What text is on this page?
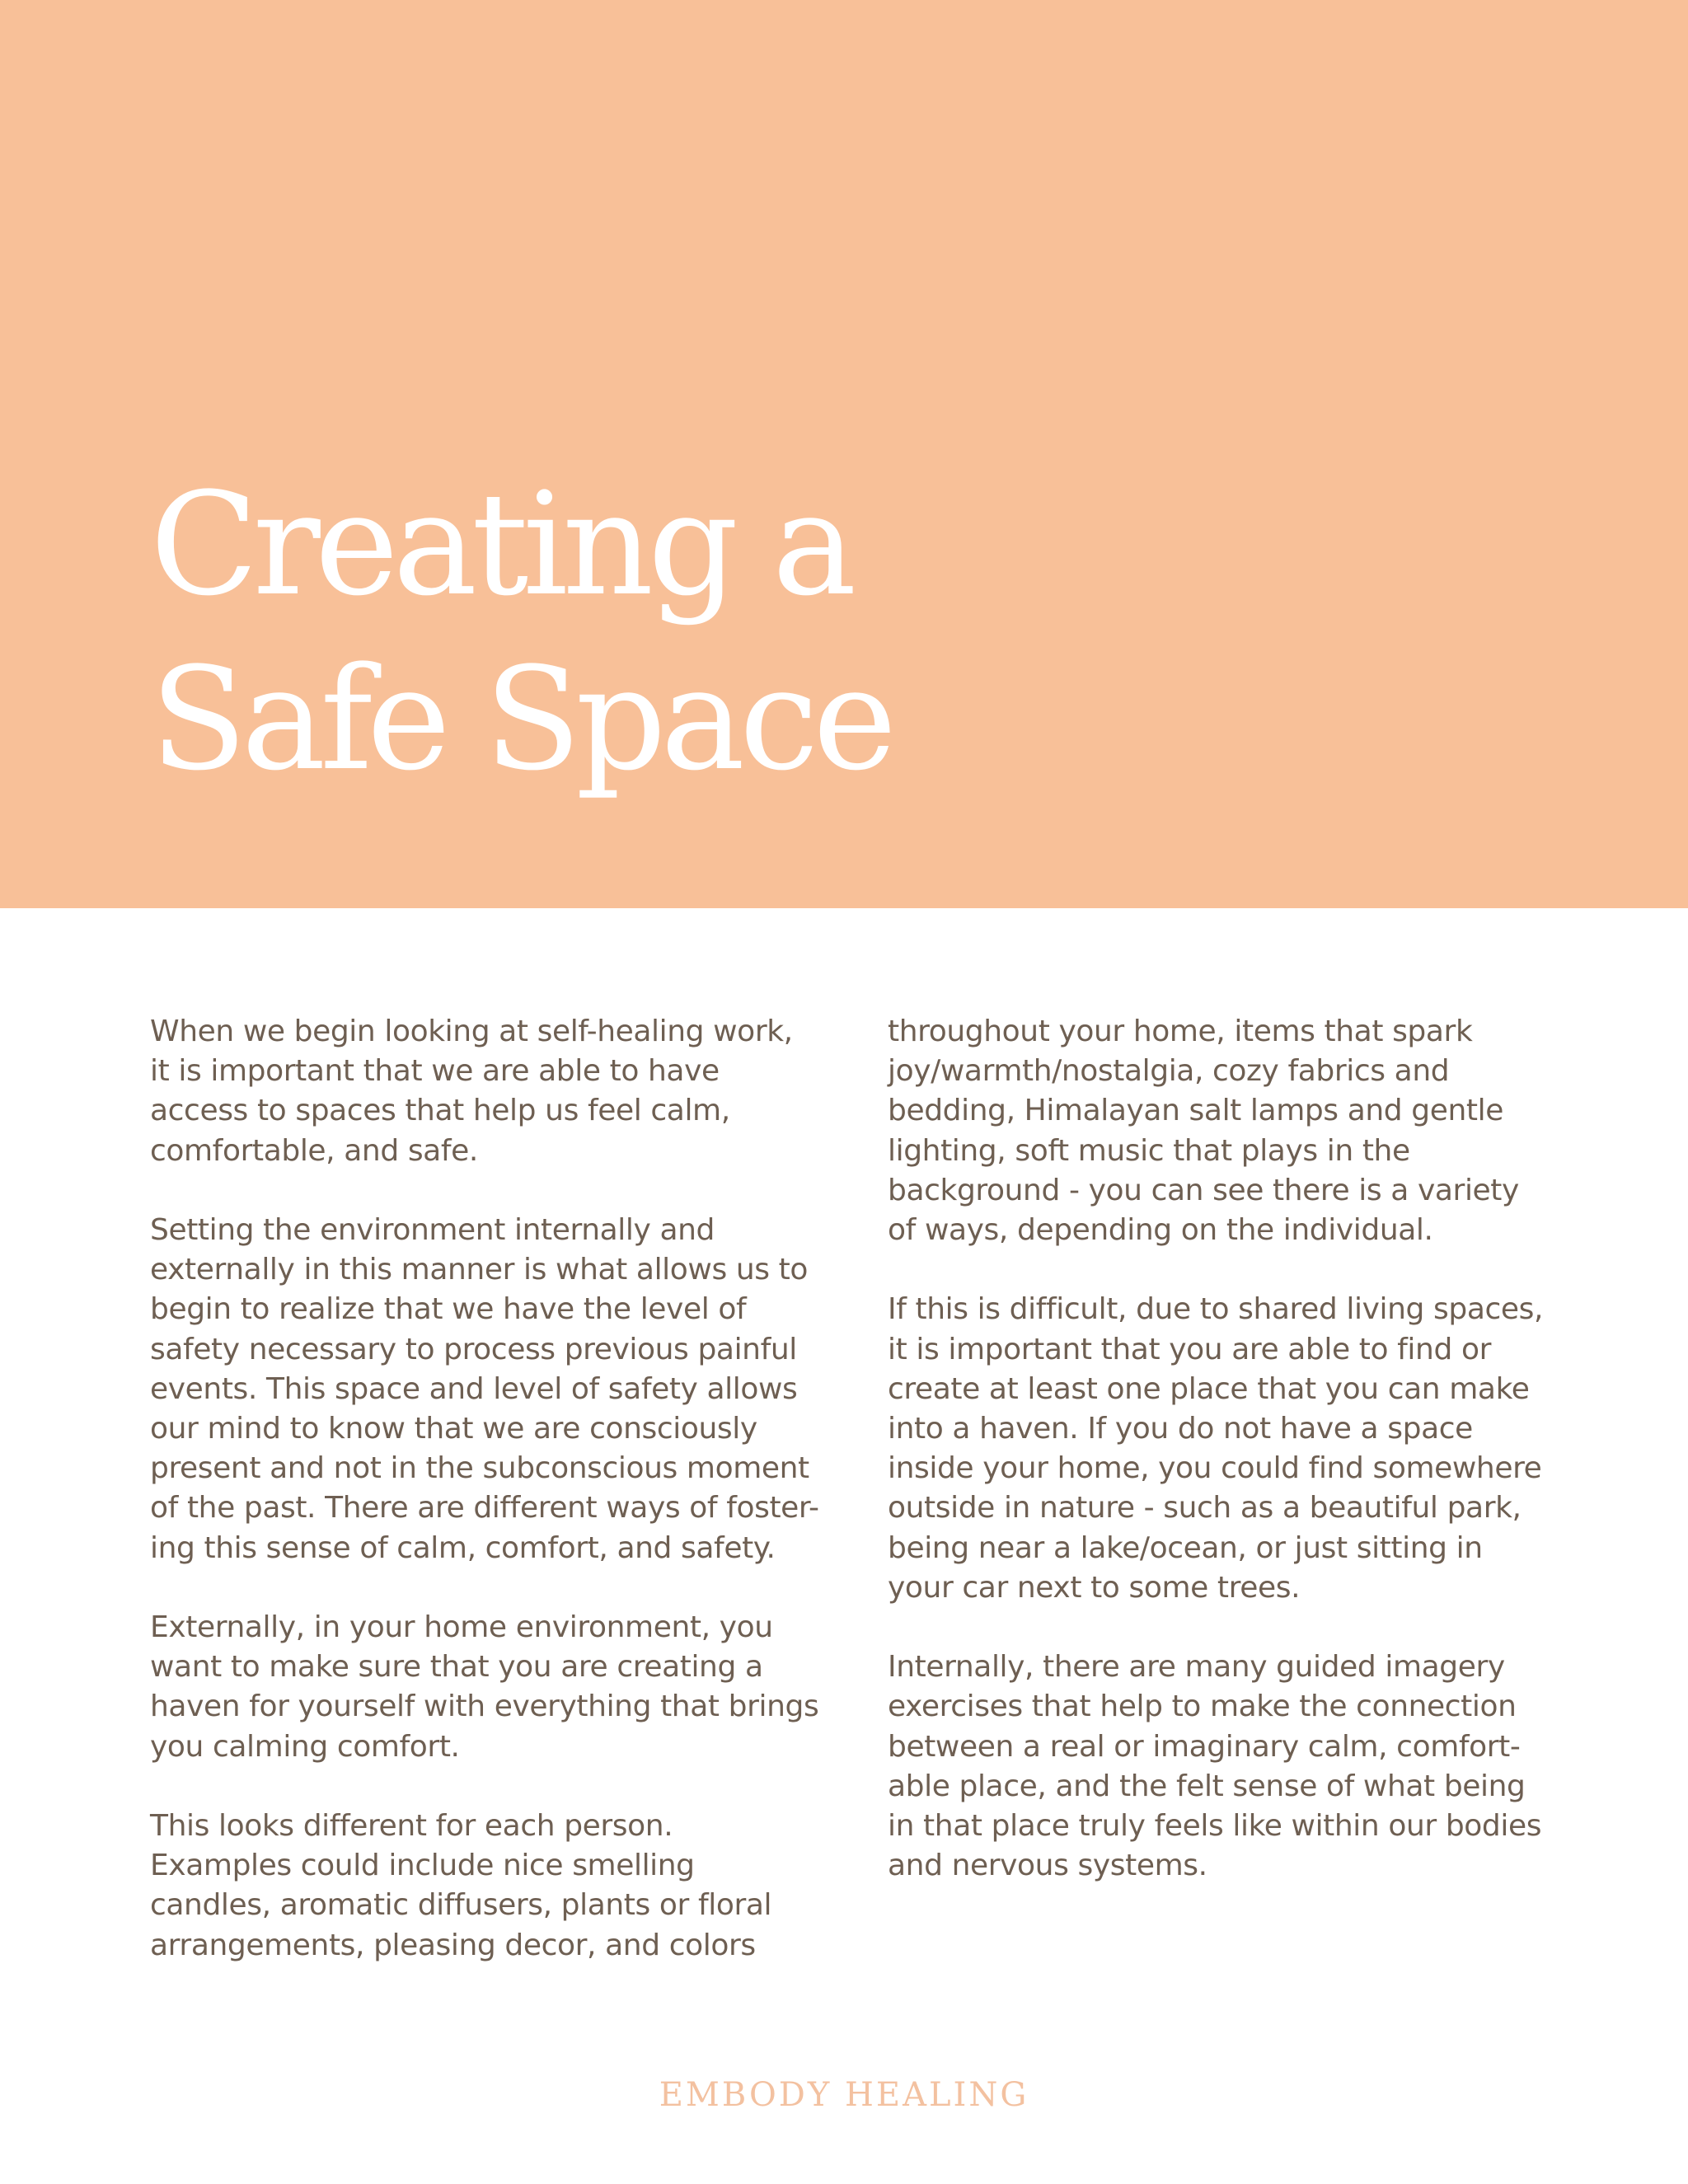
Creating a
Safe Space

When we begin looking at self-healing work,
it is important that we are able to have
access to spaces that help us feel calm,
comfortable, and safe.

Setting the environment internally and
externally in this manner is what allows us to
begin to realize that we have the level of
safety necessary to process previous painful
events. This space and level of safety allows
our mind to know that we are consciously
present and not in the subconscious moment
of the past. There are different ways of foster-
ing this sense of calm, comfort, and safety.

Externally, in your home environment, you
want to make sure that you are creating a
haven for yourself with everything that brings
you calming comfort.

This looks different for each person.
Examples could include nice smelling
candles, aromatic diffusers, plants or floral
arrangements, pleasing decor, and colors

throughout your home, items that spark
joy/warmth/nostalgia, cozy fabrics and
bedding, Himalayan salt lamps and gentle
lighting, soft music that plays in the
background - you can see there is a variety
of ways, depending on the individual.

If this is difficult, due to shared living spaces,
it is important that you are able to find or
create at least one place that you can make
into a haven. If you do not have a space
inside your home, you could find somewhere
outside in nature - such as a beautiful park,
being near a lake/ocean, or just sitting in
your car next to some trees.

Internally, there are many guided imagery
exercises that help to make the connection
between a real or imaginary calm, comfort-
able place, and the felt sense of what being
in that place truly feels like within our bodies
and nervous systems.

EMBODY HEALING
